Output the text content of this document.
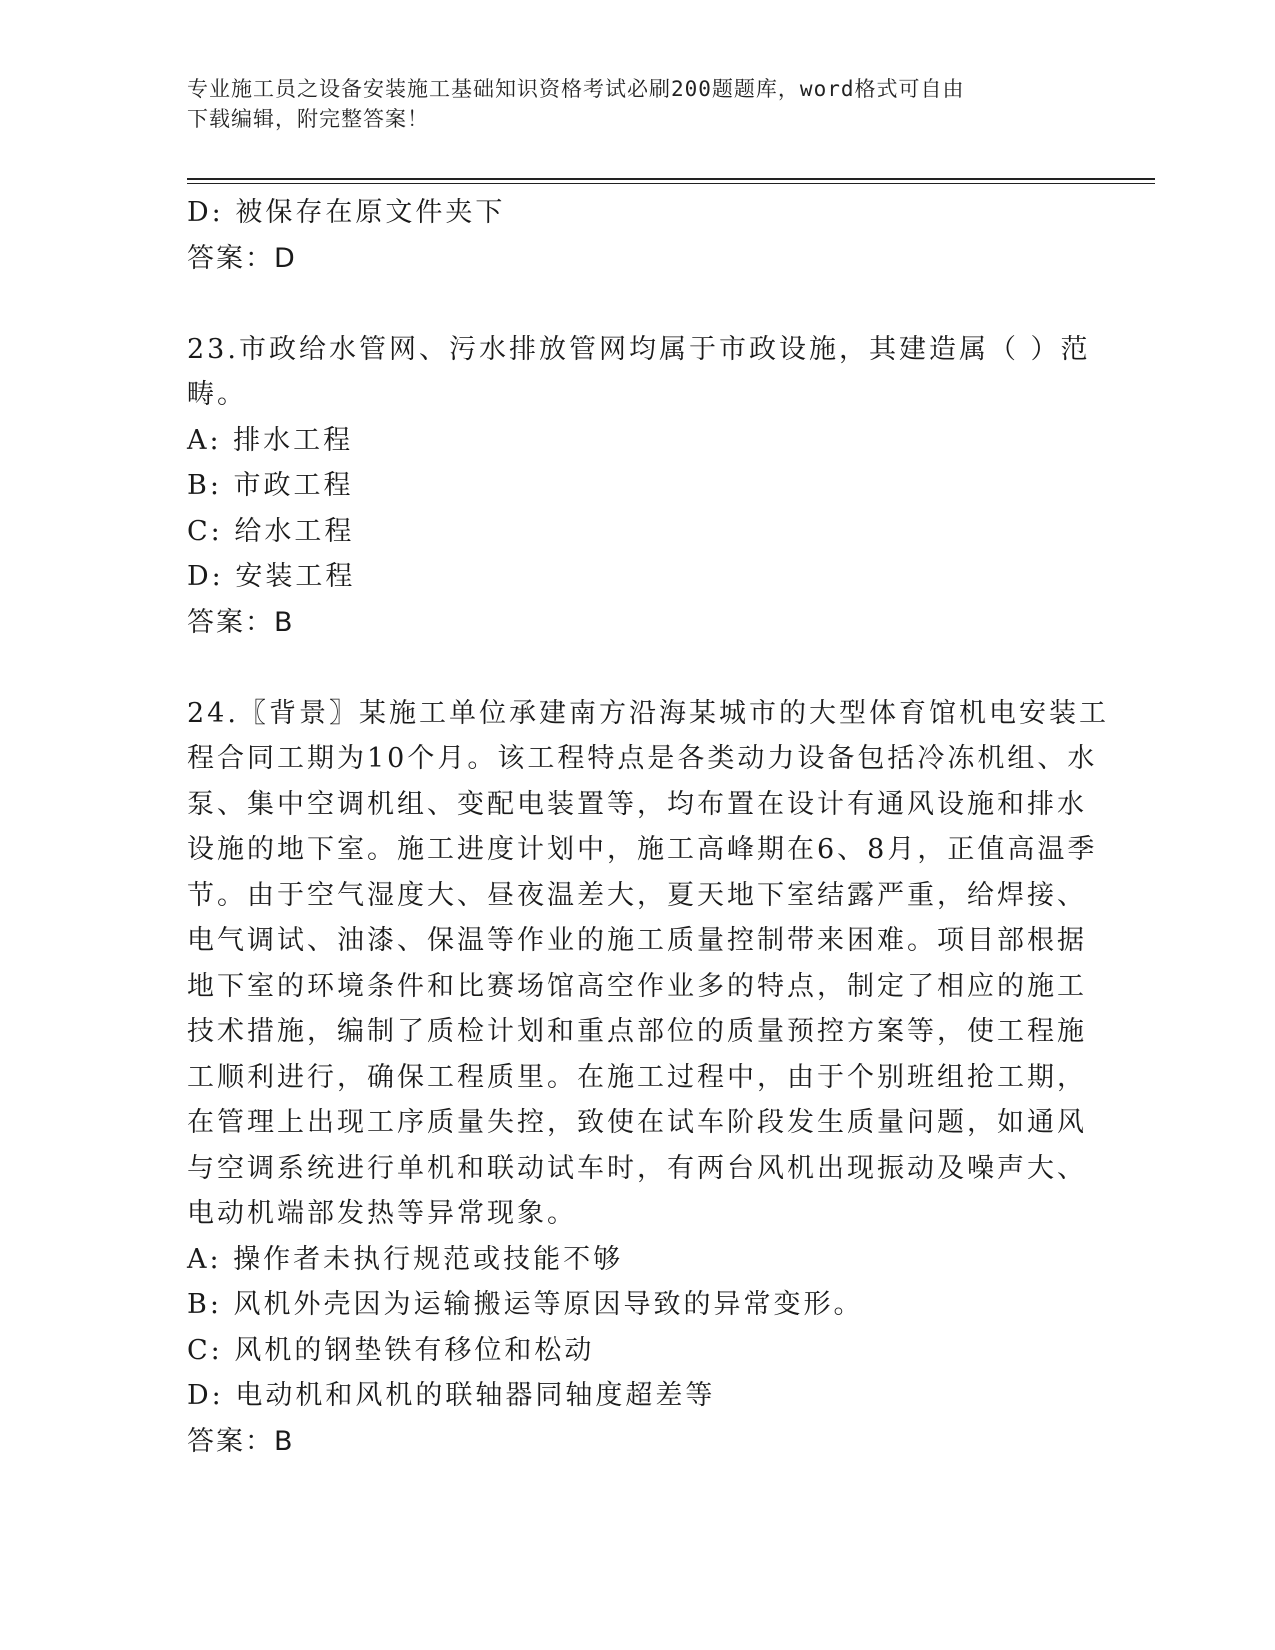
专业施工员之设备安装施工基础知识资格考试必刷200题题库，word格式可自由
下载编辑，附完整答案！
D: 被保存在原文件夹下
答案：D
23.市政给水管网、污水排放管网均属于市政设施，其建造属（ ）范
畴。
A: 排水工程
B: 市政工程
C: 给水工程
D: 安装工程
答案：B
24.〖背景〗某施工单位承建南方沿海某城市的大型体育馆机电安装工
程合同工期为10个月。该工程特点是各类动力设备包括冷冻机组、水
泵、集中空调机组、变配电装置等，均布置在设计有通风设施和排水
设施的地下室。施工进度计划中，施工高峰期在6、8月，正值高温季
节。由于空气湿度大、昼夜温差大，夏天地下室结露严重，给焊接、
电气调试、油漆、保温等作业的施工质量控制带来困难。项目部根据
地下室的环境条件和比赛场馆高空作业多的特点，制定了相应的施工
技术措施，编制了质检计划和重点部位的质量预控方案等，使工程施
工顺利进行，确保工程质里。在施工过程中，由于个别班组抢工期，
在管理上出现工序质量失控，致使在试车阶段发生质量问题，如通风
与空调系统进行单机和联动试车时，有两台风机出现振动及噪声大、
电动机端部发热等异常现象。
A: 操作者未执行规范或技能不够
B: 风机外壳因为运输搬运等原因导致的异常变形。
C: 风机的钢垫铁有移位和松动
D: 电动机和风机的联轴器同轴度超差等
答案：B
